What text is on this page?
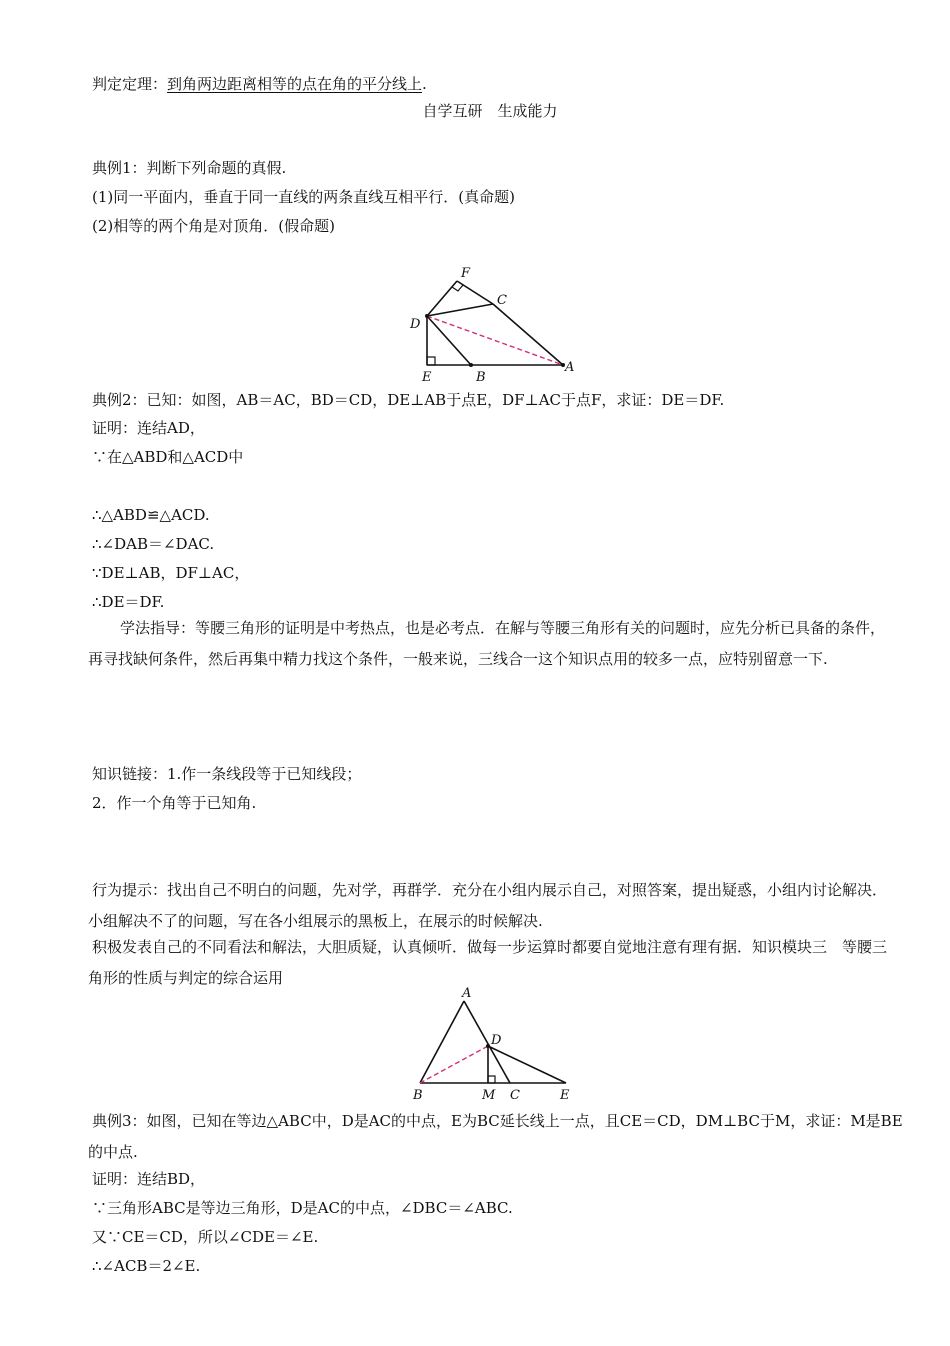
判定定理：到角两边距离相等的点在角的平分线上.
自学互研　生成能力
典例1：判断下列命题的真假.
(1)同一平面内，垂直于同一直线的两条直线互相平行．(真命题)
(2)相等的两个角是对顶角．(假命题)
F
C
D
A
E	B
典例2：已知：如图，AB＝AC，BD＝CD，DE⊥AB于点E，DF⊥AC于点F，求证：DE＝DF.
证明：连结AD，
∵在△ABD和△ACD中
∴△ABD≌△ACD.
∴∠DAB＝∠DAC.
∵DE⊥AB，DF⊥AC，
∴DE＝DF.
学法指导：等腰三角形的证明是中考热点，也是必考点．在解与等腰三角形有关的问题时，应先分析已具备的条件，再寻找缺何条件，然后再集中精力找这个条件，一般来说，三线合一这个知识点用的较多一点，应特别留意一下.
知识链接：1.作一条线段等于已知线段；
2．作一个角等于已知角.
行为提示：找出自己不明白的问题，先对学，再群学．充分在小组内展示自己，对照答案，提出疑惑，小组内讨论解决．小组解决不了的问题，写在各小组展示的黑板上，在展示的时候解决.
积极发表自己的不同看法和解法，大胆质疑，认真倾听．做每一步运算时都要自觉地注意有理有据．知识模块三　等腰三角形的性质与判定的综合运用
A
D
B	M C	E
典例3：如图，已知在等边△ABC中，D是AC的中点，E为BC延长线上一点，且CE＝CD，DM⊥BC于M，求证：M是BE的中点.
证明：连结BD，
∵三角形ABC是等边三角形，D是AC的中点，∠DBC＝∠ABC.
又∵CE＝CD，所以∠CDE＝∠E.
∴∠ACB＝2∠E.
